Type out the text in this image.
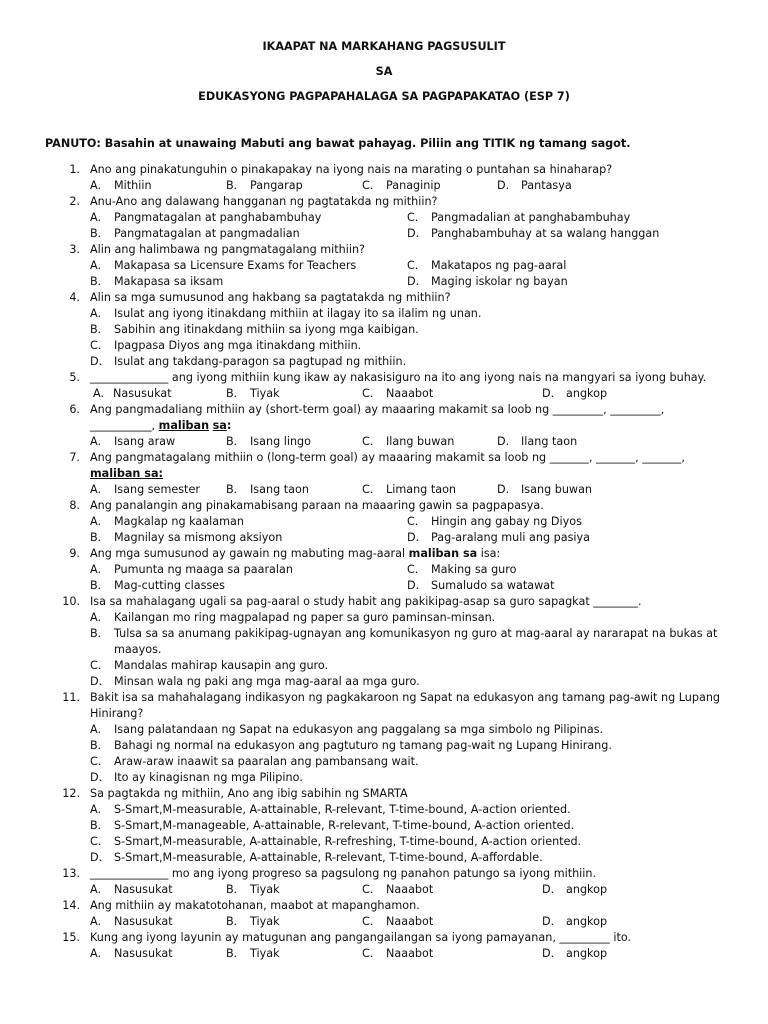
IKAAPAT NA MARKAHANG PAGSUSULIT
SA
EDUKASYONG PAGPAPAHALAGA SA PAGPAPAKATAO (ESP 7)
PANUTO: Basahin at unawaing Mabuti ang bawat pahayag. Piliin ang TITIK ng tamang sagot.
1. Ano ang pinakatunguhin o pinakapakay na iyong nais na marating o puntahan sa hinaharap?
A. Mithiin	B.Pangarap	C.Panaginip	D.Pantasya
2. Anu-Ano ang dalawang hangganan ng pagtatakda ng mithiin?
A. Pangmatagalan at panghabambuhay	C.Pangmadalian at panghabambuhay
B. Pangmatagalan at pangmadalian	D.Panghabambuhay at sa walang hanggan
3. Alin ang halimbawa ng pangmatagalang mithiin?
A. Makapasa sa Licensure Exams for Teachers	C.Makatapos ng pag-aaral
B. Makapasa sa iksam	D.Maging iskolar ng bayan
4. Alin sa mga sumusunod ang hakbang sa pagtatakda ng mithiin?
A. Isulat ang iyong itinakdang mithiin at ilagay ito sa ilalim ng unan.
B. Sabihin ang itinakdang mithiin sa iyong mga kaibigan.
C. Ipagpasa Diyos ang mga itinakdang mithiin.
D. Isulat ang takdang-paragon sa pagtupad ng mithiin.
5. ______________ ang iyong mithiin kung ikaw ay nakasisiguro na ito ang iyong nais na mangyari sa iyong buhay.
A. Nasusukat	B.Tiyak	C.Naaabot	D.angkop
6. Ang pangmadaliang mithiin ay (short-term goal) ay maaaring makamit sa loob ng _________, _________,
___________, maliban sa:
A. Isang araw	B.Isang lingo	C.Ilang buwan	D.Ilang taon
7. Ang pangmatagalang mithiin o (long-term goal) ay maaaring makamit sa loob ng _______, _______, _______,
maliban sa:
A. Isang semester B.Isang taon	C.Limang taon	D.Isang buwan
8. Ang panalangin ang pinakamabisang paraan na maaaring gawin sa pagpapasya.
A. Magkalap ng kaalaman	C.Hingin ang gabay ng Diyos
B. Magnilay sa mismong aksiyon	D.Pag-aralang muli ang pasiya
9. Ang mga sumusunod ay gawain ng mabuting mag-aaral maliban sa isa:
A. Pumunta ng maaga sa paaralan	C.Making sa guro
B. Mag-cutting classes	D.Sumaludo sa watawat
10. Isa sa mahalagang ugali sa pag-aaral o study habit ang pakikipag-asap sa guro sapagkat ________.
A. Kailangan mo ring magpalapad ng paper sa guro paminsan-minsan.
B. Tulsa sa sa anumang pakikipag-ugnayan ang komunikasyon ng guro at mag-aaral ay nararapat na bukas at
maayos.
C. Mandalas mahirap kausapin ang guro.
D. Minsan wala ng paki ang mga mag-aaral aa mga guro.
11. Bakit isa sa mahahalagang indikasyon ng pagkakaroon ng Sapat na edukasyon ang tamang pag-awit ng Lupang
Hinirang?
A. Isang palatandaan ng Sapat na edukasyon ang paggalang sa mga simbolo ng Pilipinas.
B. Bahagi ng normal na edukasyon ang pagtuturo ng tamang pag-wait ng Lupang Hinirang.
C. Araw-araw inaawit sa paaralan ang pambansang wait.
D. Ito ay kinagisnan ng mga Pilipino.
12. Sa pagtakda ng mithiin, Ano ang ibig sabihin ng SMARTA
A. S-Smart,M-measurable, A-attainable, R-relevant, T-time-bound, A-action oriented.
B. S-Smart,M-manageable, A-attainable, R-relevant, T-time-bound, A-action oriented.
C. S-Smart,M-measurable, A-attainable, R-refreshing, T-time-bound, A-action oriented.
D. S-Smart,M-measurable, A-attainable, R-relevant, T-time-bound, A-affordable.
13. ______________ mo ang iyong progreso sa pagsulong ng panahon patungo sa iyong mithiin.
A. Nasusukat	B.Tiyak	C.Naaabot	D.angkop
14. Ang mithiin ay makatotohanan, maabot at mapanghamon.
A. Nasusukat	B.Tiyak	C.Naaabot	D.angkop
15. Kung ang iyong layunin ay matugunan ang pangangailangan sa iyong pamayanan, _________ ito.
A. Nasusukat	B.Tiyak	C.Naaabot	D.angkop
